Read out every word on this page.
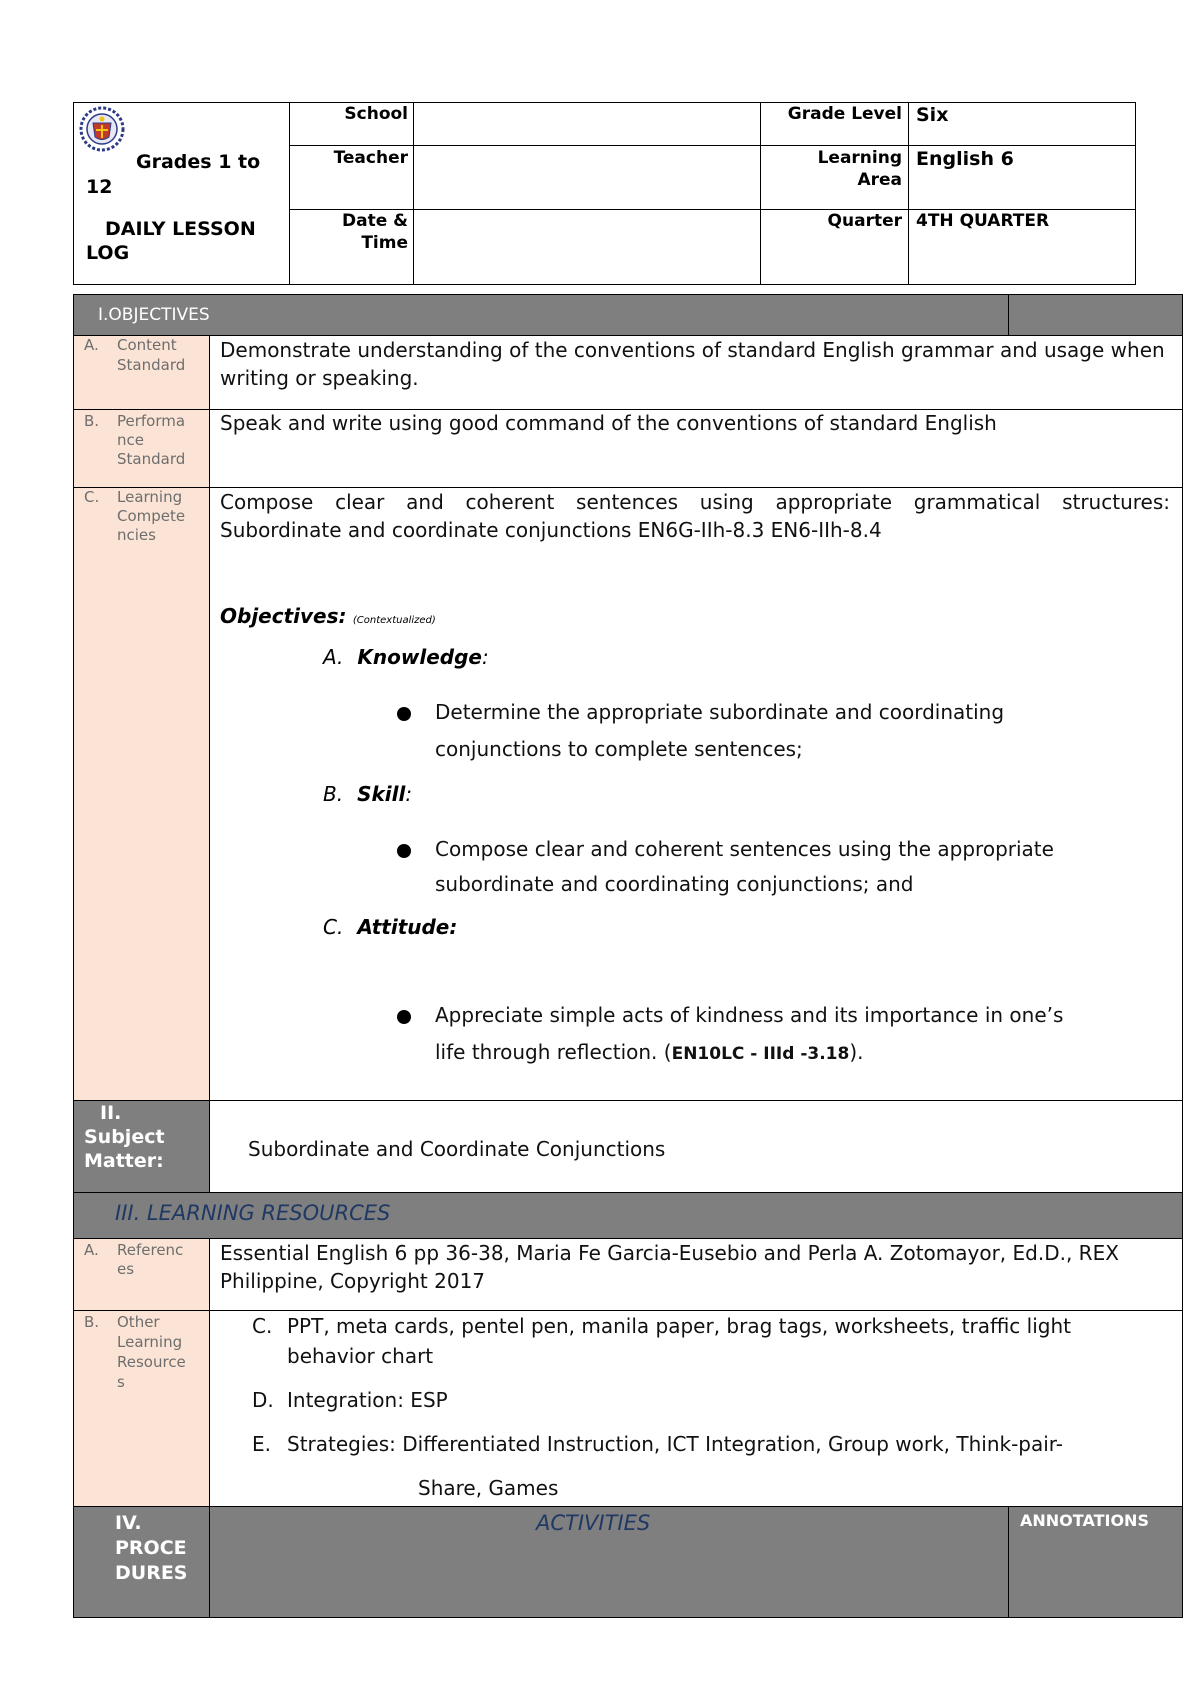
Grades 1 to
12
DAILY LESSON
LOG
School
Teacher
Date &
Time
Grade Level
Learning
Area
Quarter
Six
English 6
4TH QUARTER
I.OBJECTIVES
A. Content Standard
Demonstrate understanding of the conventions of standard English grammar and usage when writing or speaking.
B. Performa
nce
Standard
Speak and write using good command of the conventions of standard English
C. Learning
Compete
ncies
Compose clear and coherent sentences using appropriate grammatical structures: Subordinate and coordinate conjunctions EN6G-IIh-8.3 EN6-IIh-8.4
Objectives: (Contextualized)
A. Knowledge:
Determine the appropriate subordinate and coordinating
conjunctions to complete sentences;
B. Skill:
Compose clear and coherent sentences using the appropriate
subordinate and coordinating conjunctions; and
C. Attitude:
Appreciate simple acts of kindness and its importance in one’s
life through reflection. (EN10LC - IIId -3.18).
II.
Subject
Matter:	Subordinate and Coordinate Conjunctions
III. LEARNING RESOURCES
A. Referenc
es
Essential English 6 pp 36-38, Maria Fe Garcia-Eusebio and Perla A. Zotomayor, Ed.D., REX Philippine, Copyright 2017
B. Other
Learning
Resource
s
C. PPT, meta cards, pentel pen, manila paper, brag tags, worksheets, traffic light
behavior chart
D. Integration: ESP
E. Strategies: Differentiated Instruction, ICT Integration, Group work, Think-pair-
Share, Games
IV.
PROCE
DURES
ACTIVITIES	ANNOTATIONS
